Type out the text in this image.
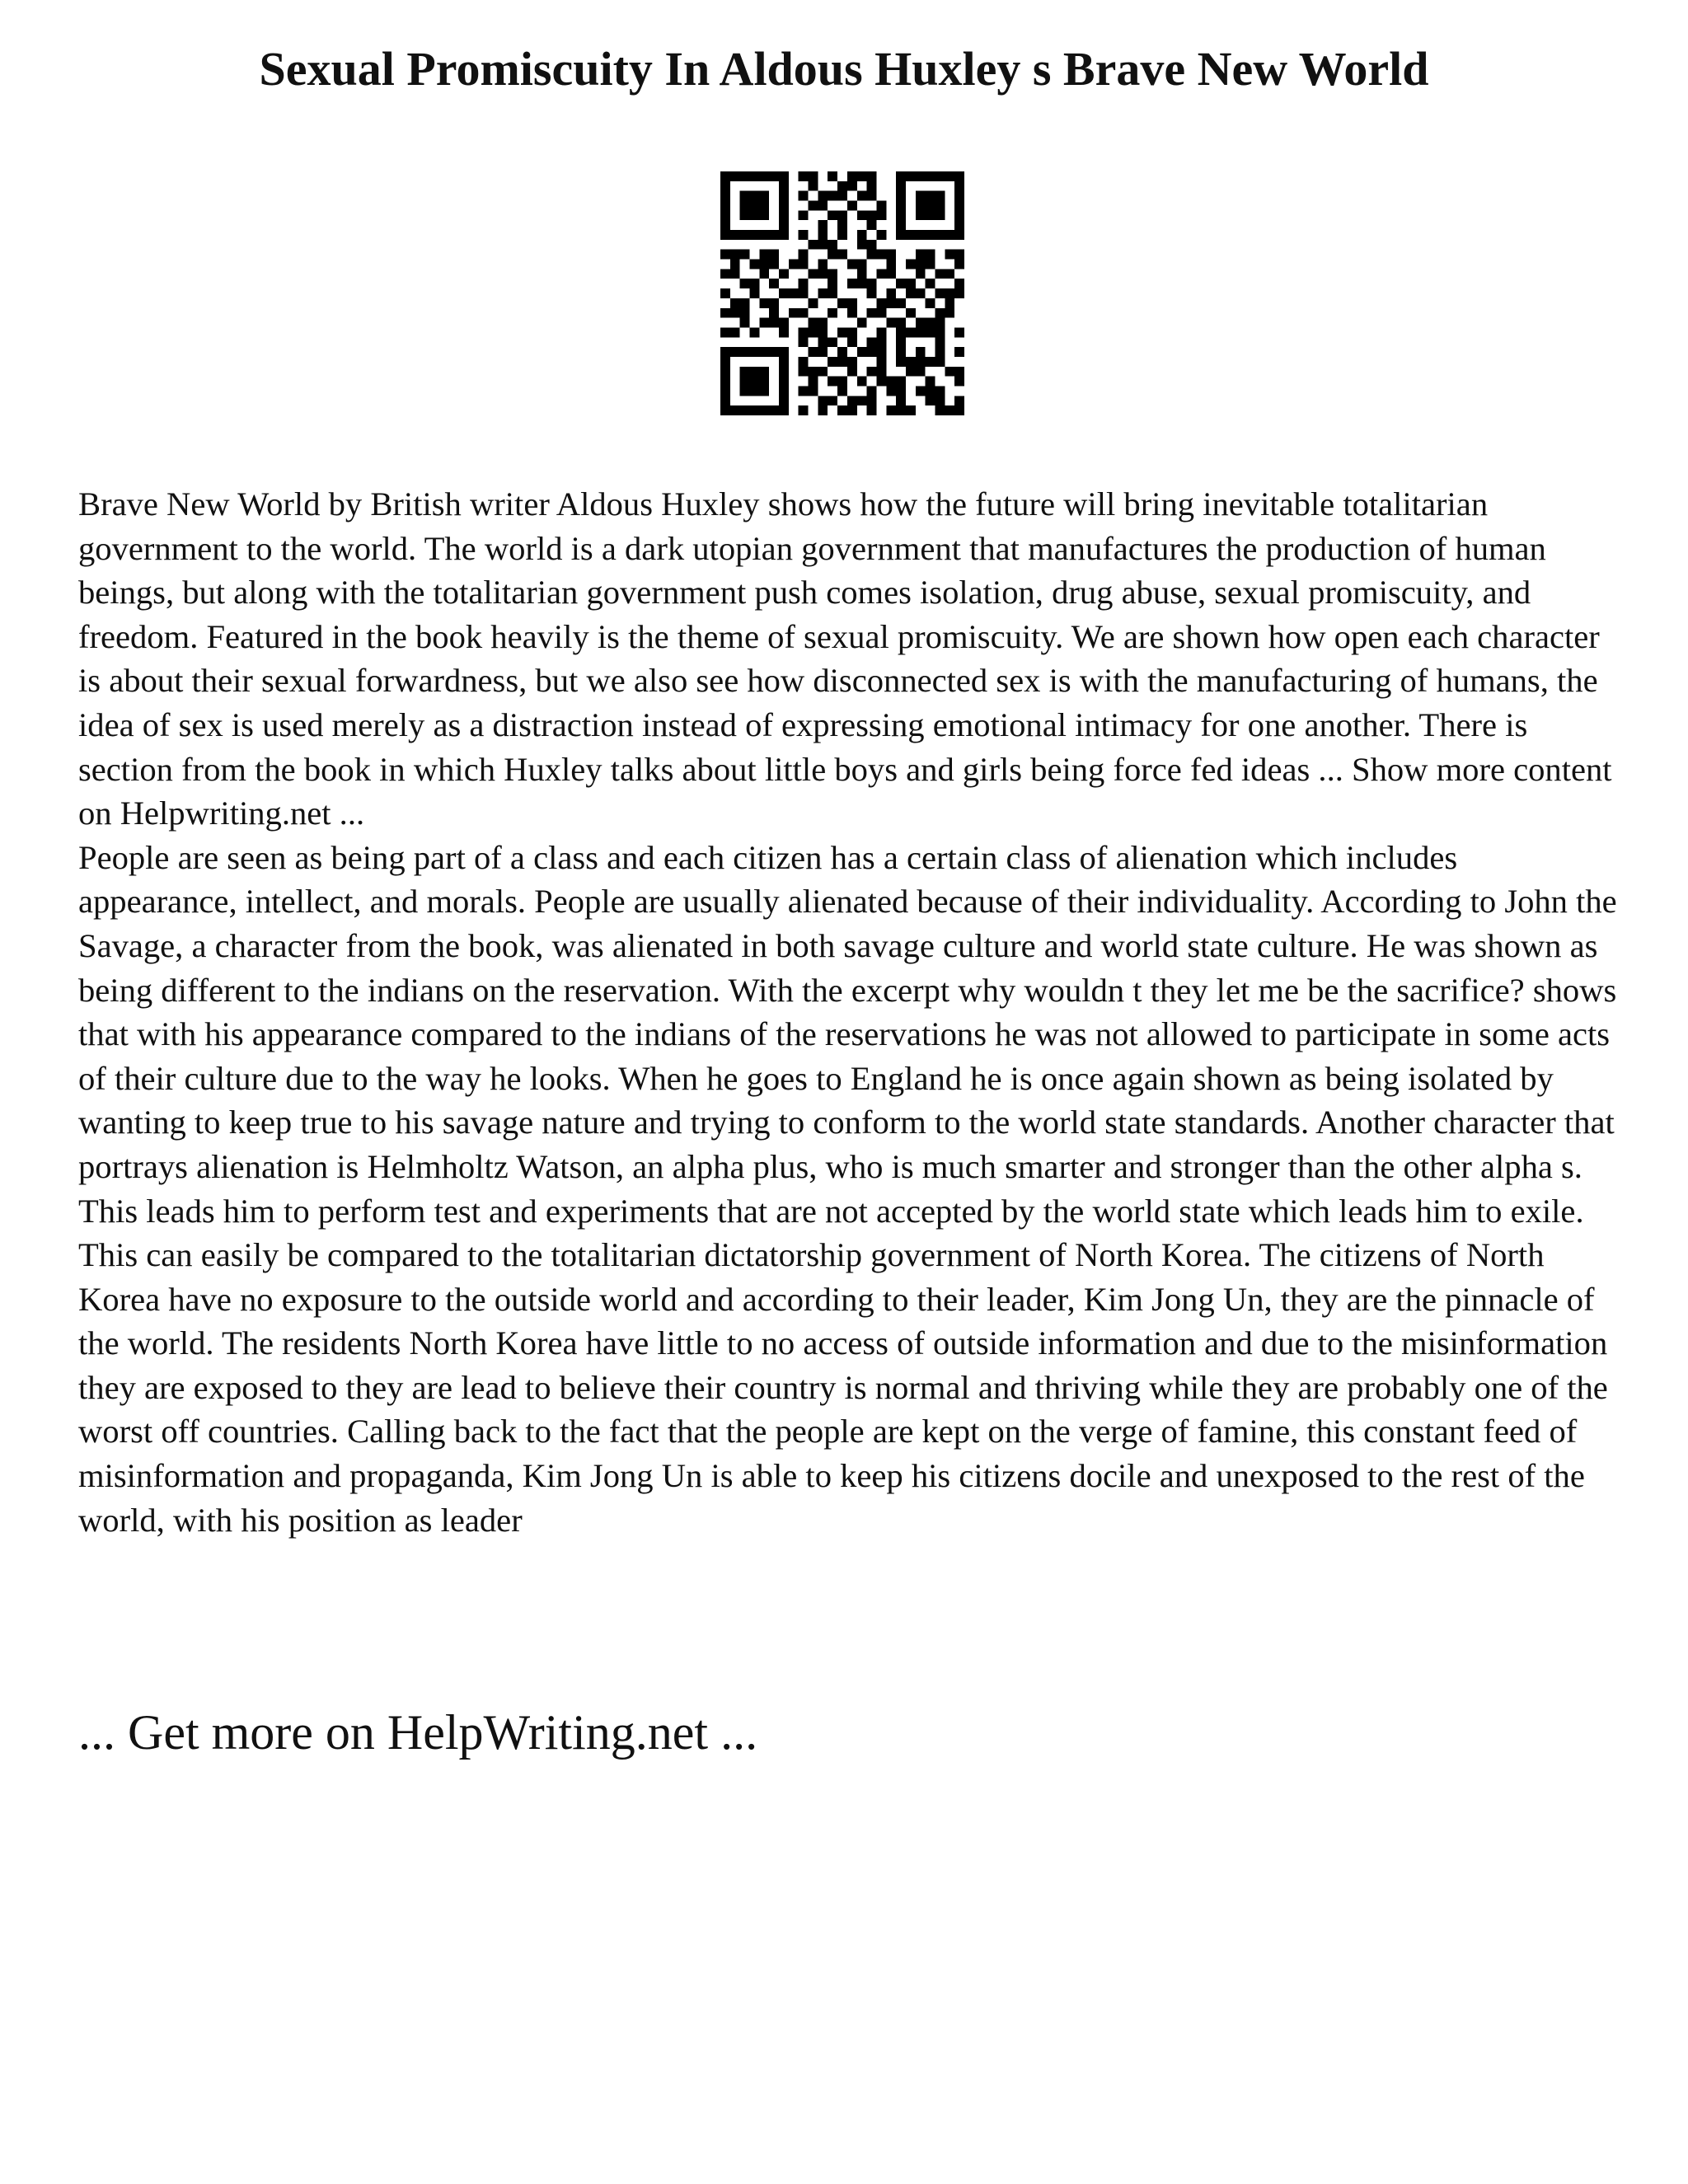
Sexual Promiscuity In Aldous Huxley s Brave New World

Brave New World by British writer Aldous Huxley shows how the future will bring inevitable totalitarian government to the world. The world is a dark utopian government that manufactures the production of human beings, but along with the totalitarian government push comes isolation, drug abuse, sexual promiscuity, and freedom. Featured in the book heavily is the theme of sexual promiscuity. We are shown how open each character is about their sexual forwardness, but we also see how disconnected sex is with the manufacturing of humans, the idea of sex is used merely as a distraction instead of expressing emotional intimacy for one another. There is section from the book in which Huxley talks about little boys and girls being force fed ideas ... Show more content on Helpwriting.net ...

People are seen as being part of a class and each citizen has a certain class of alienation which includes appearance, intellect, and morals. People are usually alienated because of their individuality. According to John the Savage, a character from the book, was alienated in both savage culture and world state culture. He was shown as being different to the indians on the reservation. With the excerpt why wouldn t they let me be the sacrifice? shows that with his appearance compared to the indians of the reservations he was not allowed to participate in some acts of their culture due to the way he looks. When he goes to England he is once again shown as being isolated by wanting to keep true to his savage nature and trying to conform to the world state standards. Another character that portrays alienation is Helmholtz Watson, an alpha plus, who is much smarter and stronger than the other alpha s. This leads him to perform test and experiments that are not accepted by the world state which leads him to exile. This can easily be compared to the totalitarian dictatorship government of North Korea. The citizens of North Korea have no exposure to the outside world and according to their leader, Kim Jong Un, they are the pinnacle of the world. The residents North Korea have little to no access of outside information and due to the misinformation they are exposed to they are lead to believe their country is normal and thriving while they are probably one of the worst off countries. Calling back to the fact that the people are kept on the verge of famine, this constant feed of misinformation and propaganda, Kim Jong Un is able to keep his citizens docile and unexposed to the rest of the world, with his position as leader

... Get more on HelpWriting.net ...
